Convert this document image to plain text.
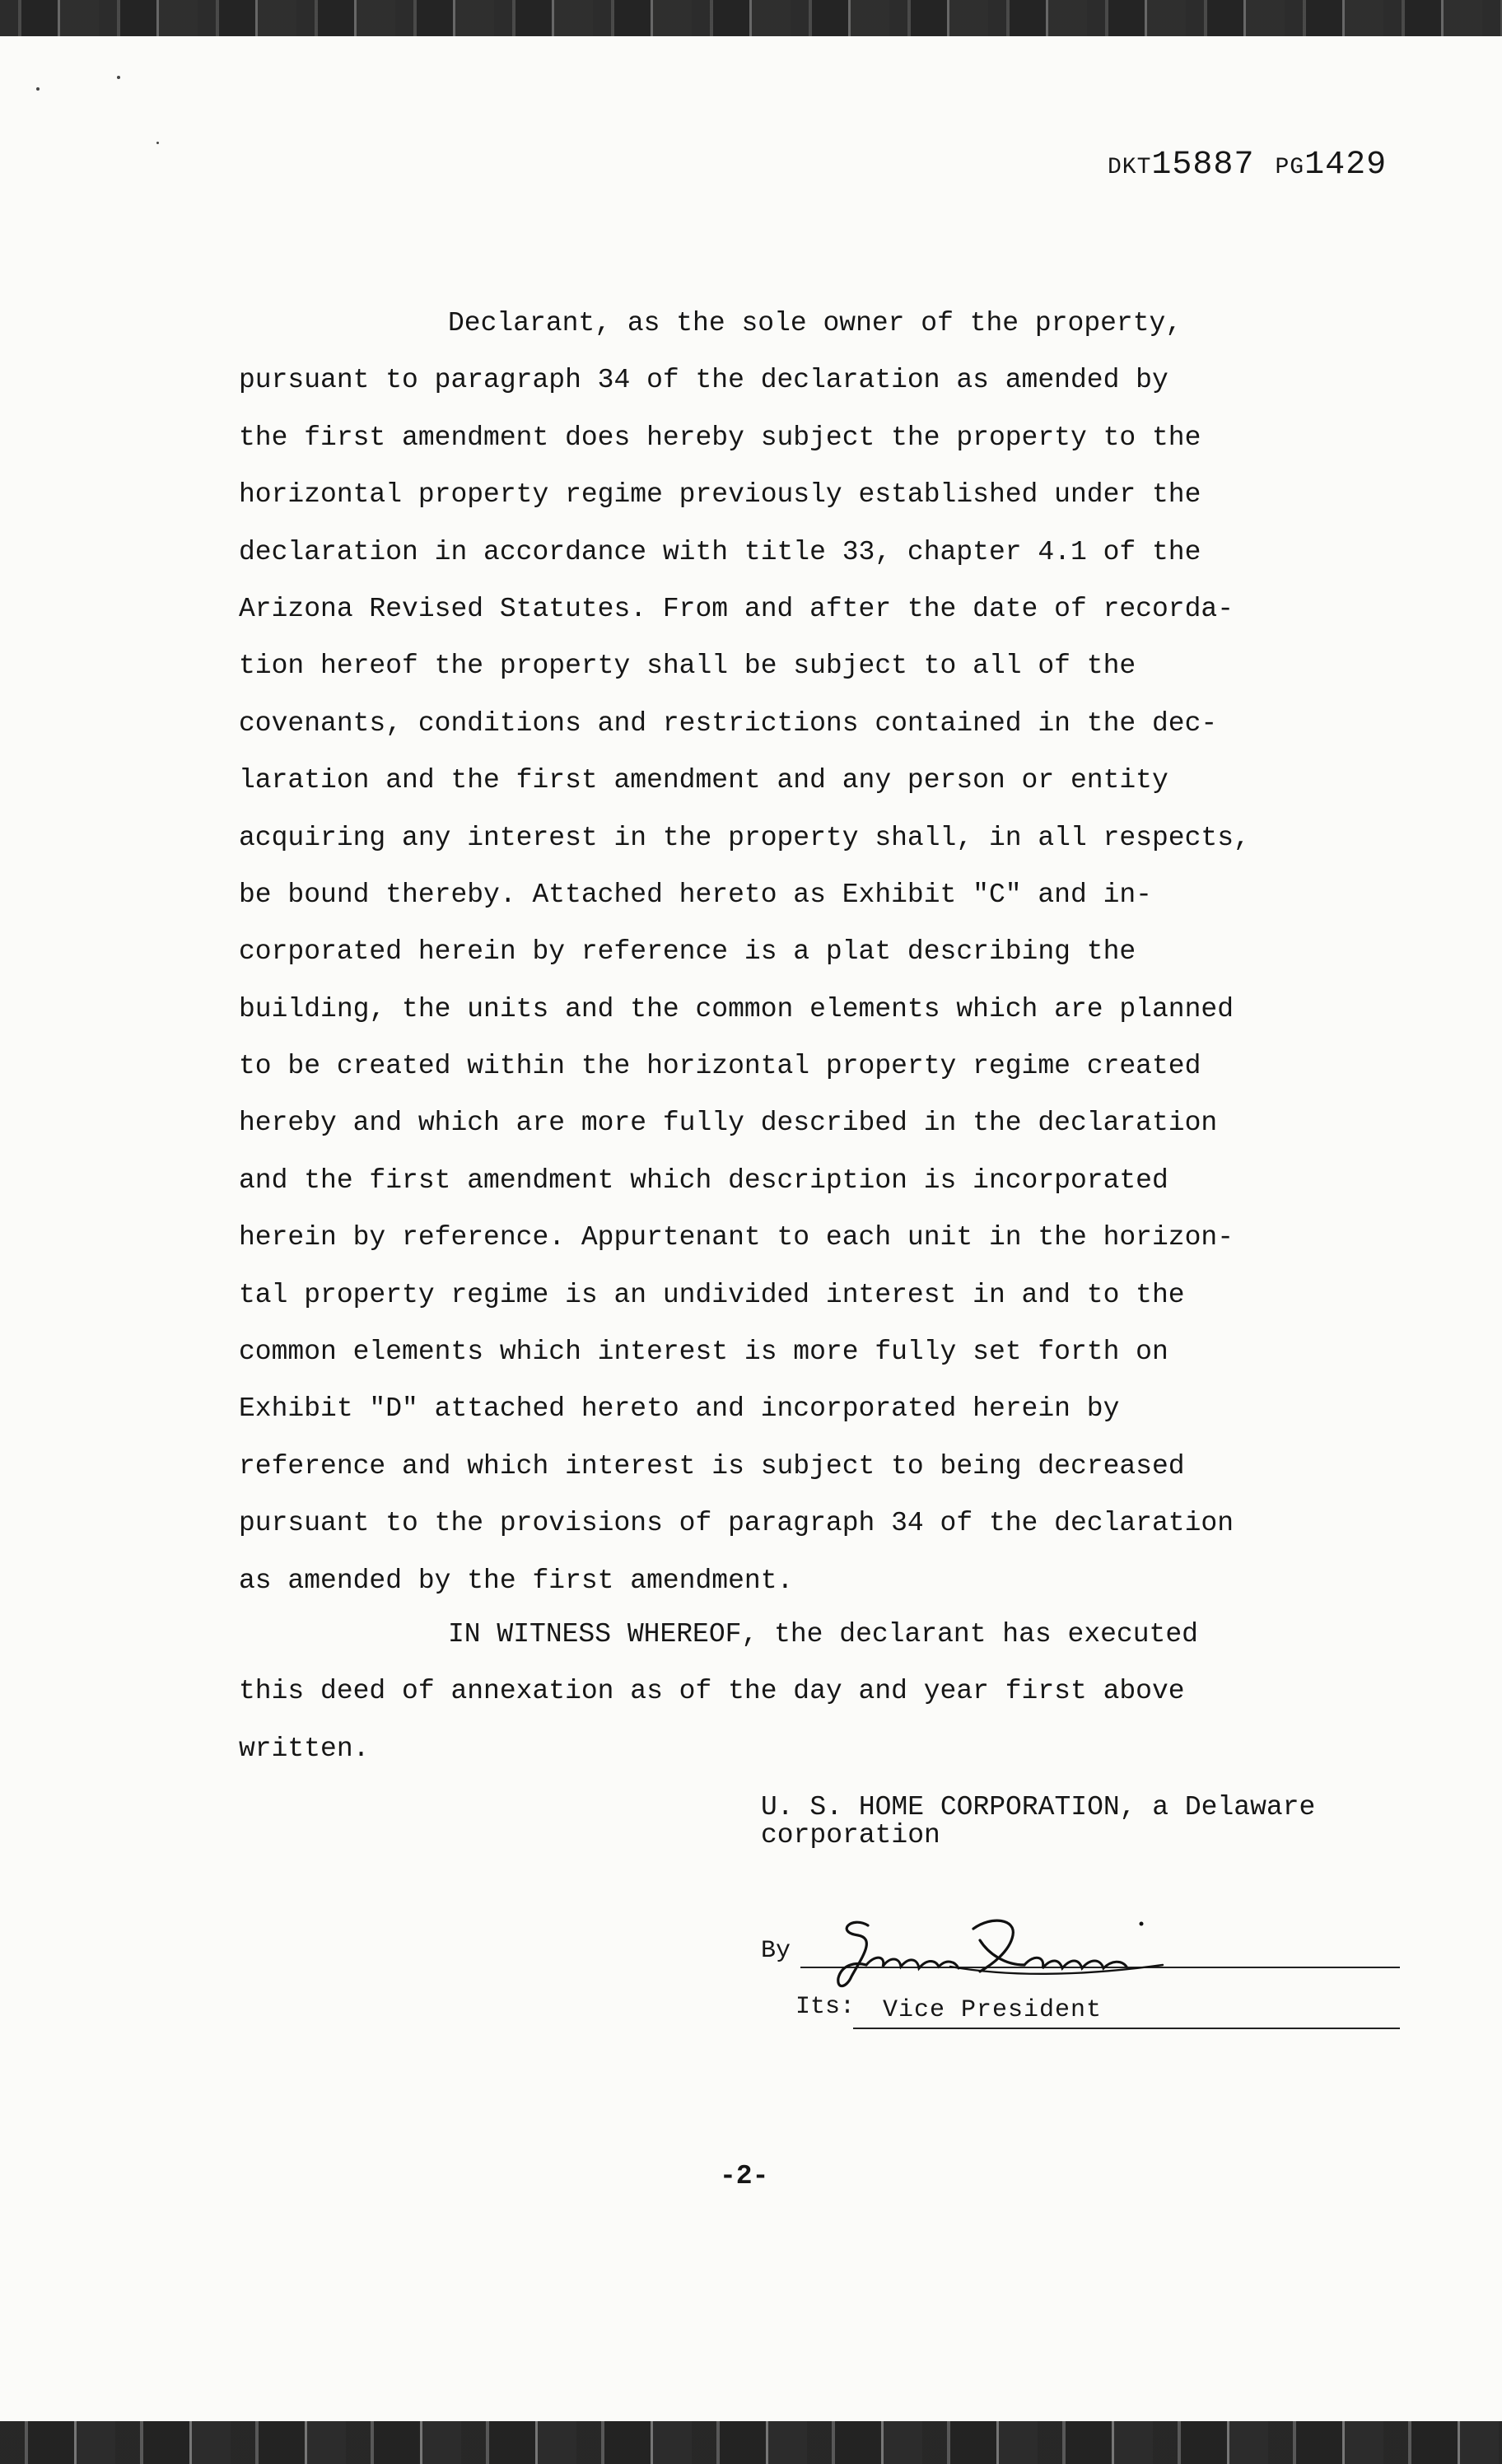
DKT15887 PG1429
Declarant, as the sole owner of the property,
pursuant to paragraph 34 of the declaration as amended by
the first amendment does hereby subject the property to the
horizontal property regime previously established under the
declaration in accordance with title 33, chapter 4.1 of the
Arizona Revised Statutes. From and after the date of recorda-
tion hereof the property shall be subject to all of the
covenants, conditions and restrictions contained in the dec-
laration and the first amendment and any person or entity
acquiring any interest in the property shall, in all respects,
be bound thereby. Attached hereto as Exhibit "C" and in-
corporated herein by reference is a plat describing the
building, the units and the common elements which are planned
to be created within the horizontal property regime created
hereby and which are more fully described in the declaration
and the first amendment which description is incorporated
herein by reference. Appurtenant to each unit in the horizon-
tal property regime is an undivided interest in and to the
common elements which interest is more fully set forth on
Exhibit "D" attached hereto and incorporated herein by
reference and which interest is subject to being decreased
pursuant to the provisions of paragraph 34 of the declaration
as amended by the first amendment.
IN WITNESS WHEREOF, the declarant has executed
this deed of annexation as of the day and year first above
written.
U. S. HOME CORPORATION, a Delaware
corporation
By
Its: Vice President
-2-
